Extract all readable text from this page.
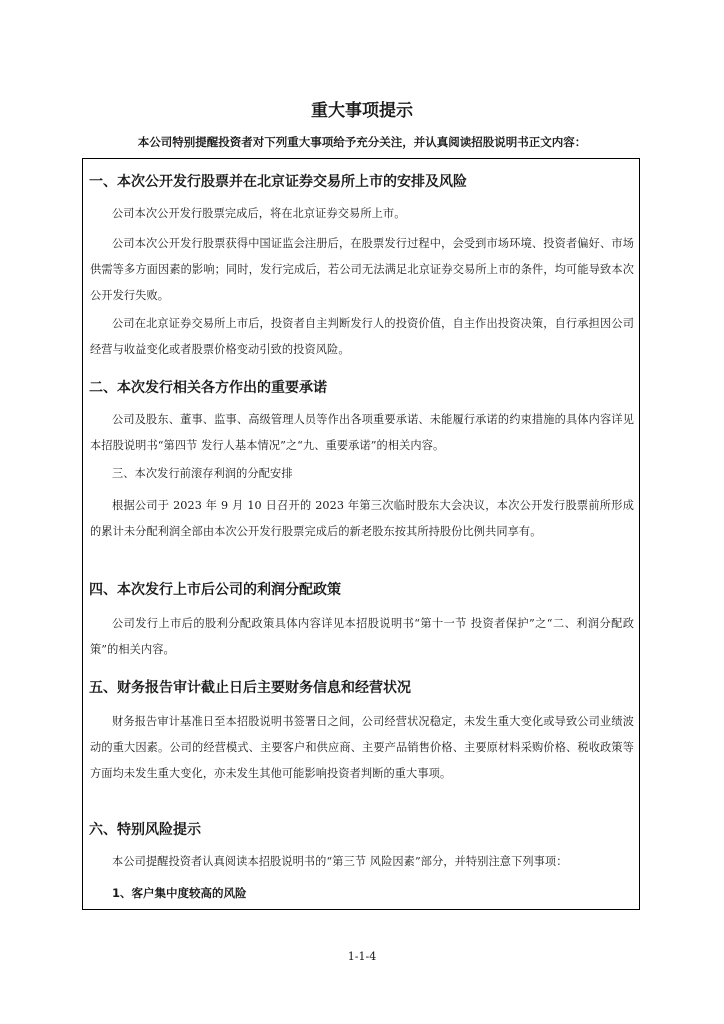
重大事项提示
本公司特别提醒投资者对下列重大事项给予充分关注，并认真阅读招股说明书正文内容：
一、本次公开发行股票并在北京证券交易所上市的安排及风险
公司本次公开发行股票完成后，将在北京证券交易所上市。
公司本次公开发行股票获得中国证监会注册后，在股票发行过程中，会受到市场环境、投资者偏好、市场供需等多方面因素的影响；同时，发行完成后，若公司无法满足北京证券交易所上市的条件，均可能导致本次公开发行失败。
公司在北京证券交易所上市后，投资者自主判断发行人的投资价值，自主作出投资决策，自行承担因公司经营与收益变化或者股票价格变动引致的投资风险。
二、本次发行相关各方作出的重要承诺
公司及股东、董事、监事、高级管理人员等作出各项重要承诺、未能履行承诺的约束措施的具体内容详见本招股说明书“第四节 发行人基本情况”之“九、重要承诺”的相关内容。
三、本次发行前滚存利润的分配安排
根据公司于 2023 年 9 月 10 日召开的 2023 年第三次临时股东大会决议，本次公开发行股票前所形成的累计未分配利润全部由本次公开发行股票完成后的新老股东按其所持股份比例共同享有。
四、本次发行上市后公司的利润分配政策
公司发行上市后的股利分配政策具体内容详见本招股说明书“第十一节 投资者保护”之“二、利润分配政策”的相关内容。
五、财务报告审计截止日后主要财务信息和经营状况
财务报告审计基准日至本招股说明书签署日之间，公司经营状况稳定，未发生重大变化或导致公司业绩波动的重大因素。公司的经营模式、主要客户和供应商、主要产品销售价格、主要原材料采购价格、税收政策等方面均未发生重大变化，亦未发生其他可能影响投资者判断的重大事项。
六、特别风险提示
本公司提醒投资者认真阅读本招股说明书的“第三节 风险因素”部分，并特别注意下列事项：
1、客户集中度较高的风险
1-1-4
